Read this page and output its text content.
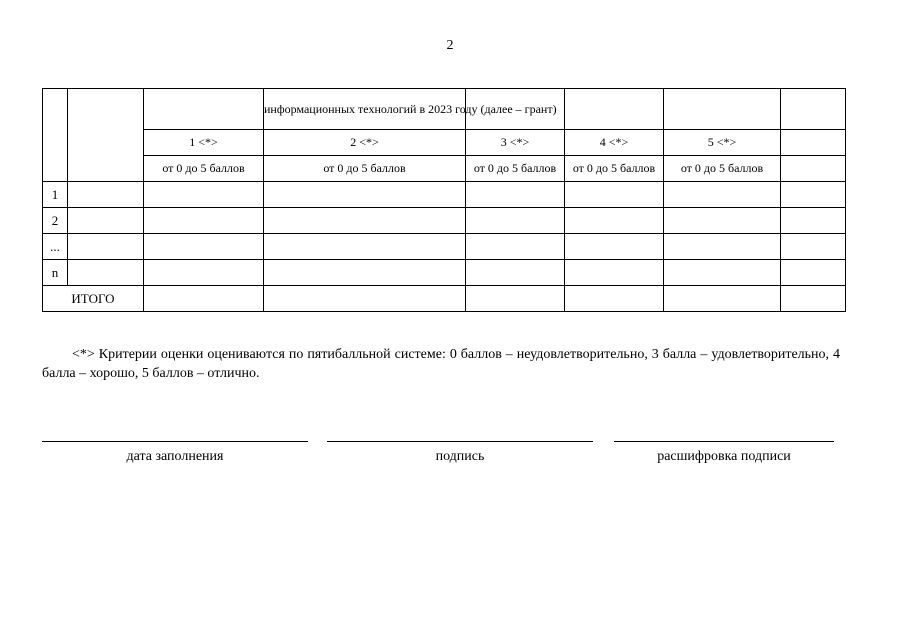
2
			информационных технологий в 2023 году (далее – грант)				
		1 <*>	2 <*>	3 <*>	4 <*>	5 <*>	
		от 0 до 5 баллов	от 0 до 5 баллов	от 0 до 5 баллов	от 0 до 5 баллов	от 0 до 5 баллов	
1							
2							
...							
n							
ИТОГО							
<*> Критерии оценки оцениваются по пятибалльной системе: 0 баллов – неудовлетворительно, 3 балла – удовлетворительно, 4 балла – хорошо, 5 баллов – отлично.
дата заполнения	подпись	расшифровка подписи
